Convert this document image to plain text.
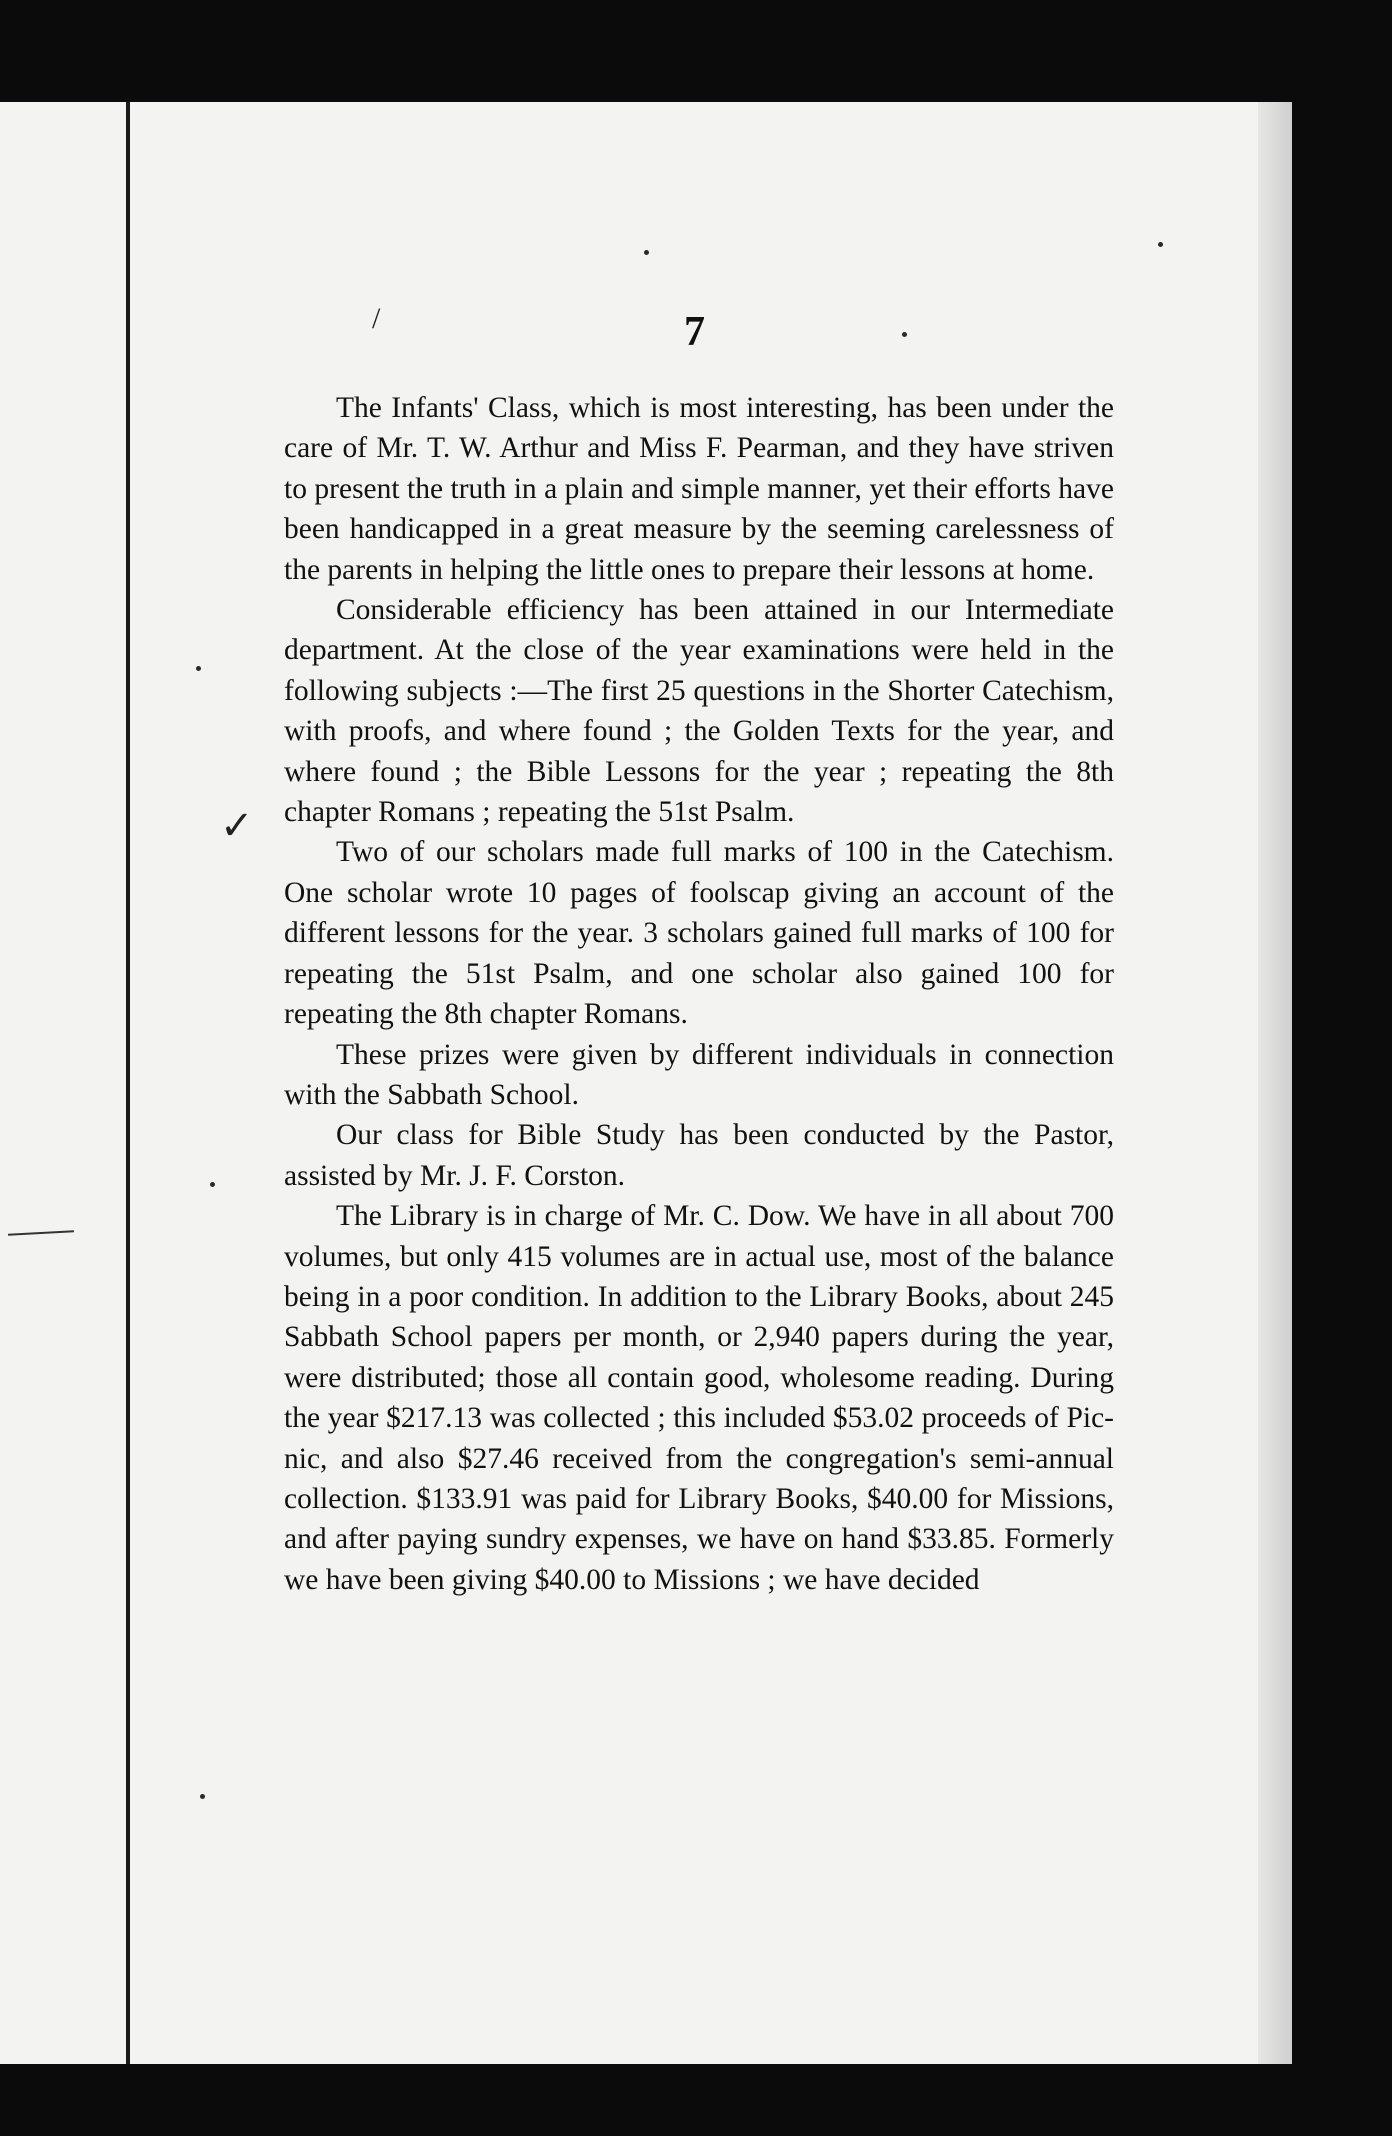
✓
/	7

The Infants' Class, which is most interesting, has been under the care of Mr. T. W. Arthur and Miss F. Pearman, and they have striven to present the truth in a plain and simple manner, yet their efforts have been handicapped in a great measure by the seeming carelessness of the parents in helping the little ones to prepare their lessons at home.

Considerable efficiency has been attained in our Intermediate department. At the close of the year examinations were held in the following subjects :—The first 25 questions in the Shorter Catechism, with proofs, and where found ; the Golden Texts for the year, and where found ; the Bible Lessons for the year ; repeating the 8th chapter Romans ; repeating the 51st Psalm.

Two of our scholars made full marks of 100 in the Catechism. One scholar wrote 10 pages of foolscap giving an account of the different lessons for the year. 3 scholars gained full marks of 100 for repeating the 51st Psalm, and one scholar also gained 100 for repeating the 8th chapter Romans.

These prizes were given by different individuals in connection with the Sabbath School.

Our class for Bible Study has been conducted by the Pastor, assisted by Mr. J. F. Corston.

The Library is in charge of Mr. C. Dow. We have in all about 700 volumes, but only 415 volumes are in actual use, most of the balance being in a poor condition. In addition to the Library Books, about 245 Sabbath School papers per month, or 2,940 papers during the year, were distributed; those all contain good, wholesome reading. During the year $217.13 was collected ; this included $53.02 proceeds of Pic-nic, and also $27.46 received from the congregation's semi-annual collection. $133.91 was paid for Library Books, $40.00 for Missions, and after paying sundry expenses, we have on hand $33.85. Formerly we have been giving $40.00 to Missions ; we have decided
